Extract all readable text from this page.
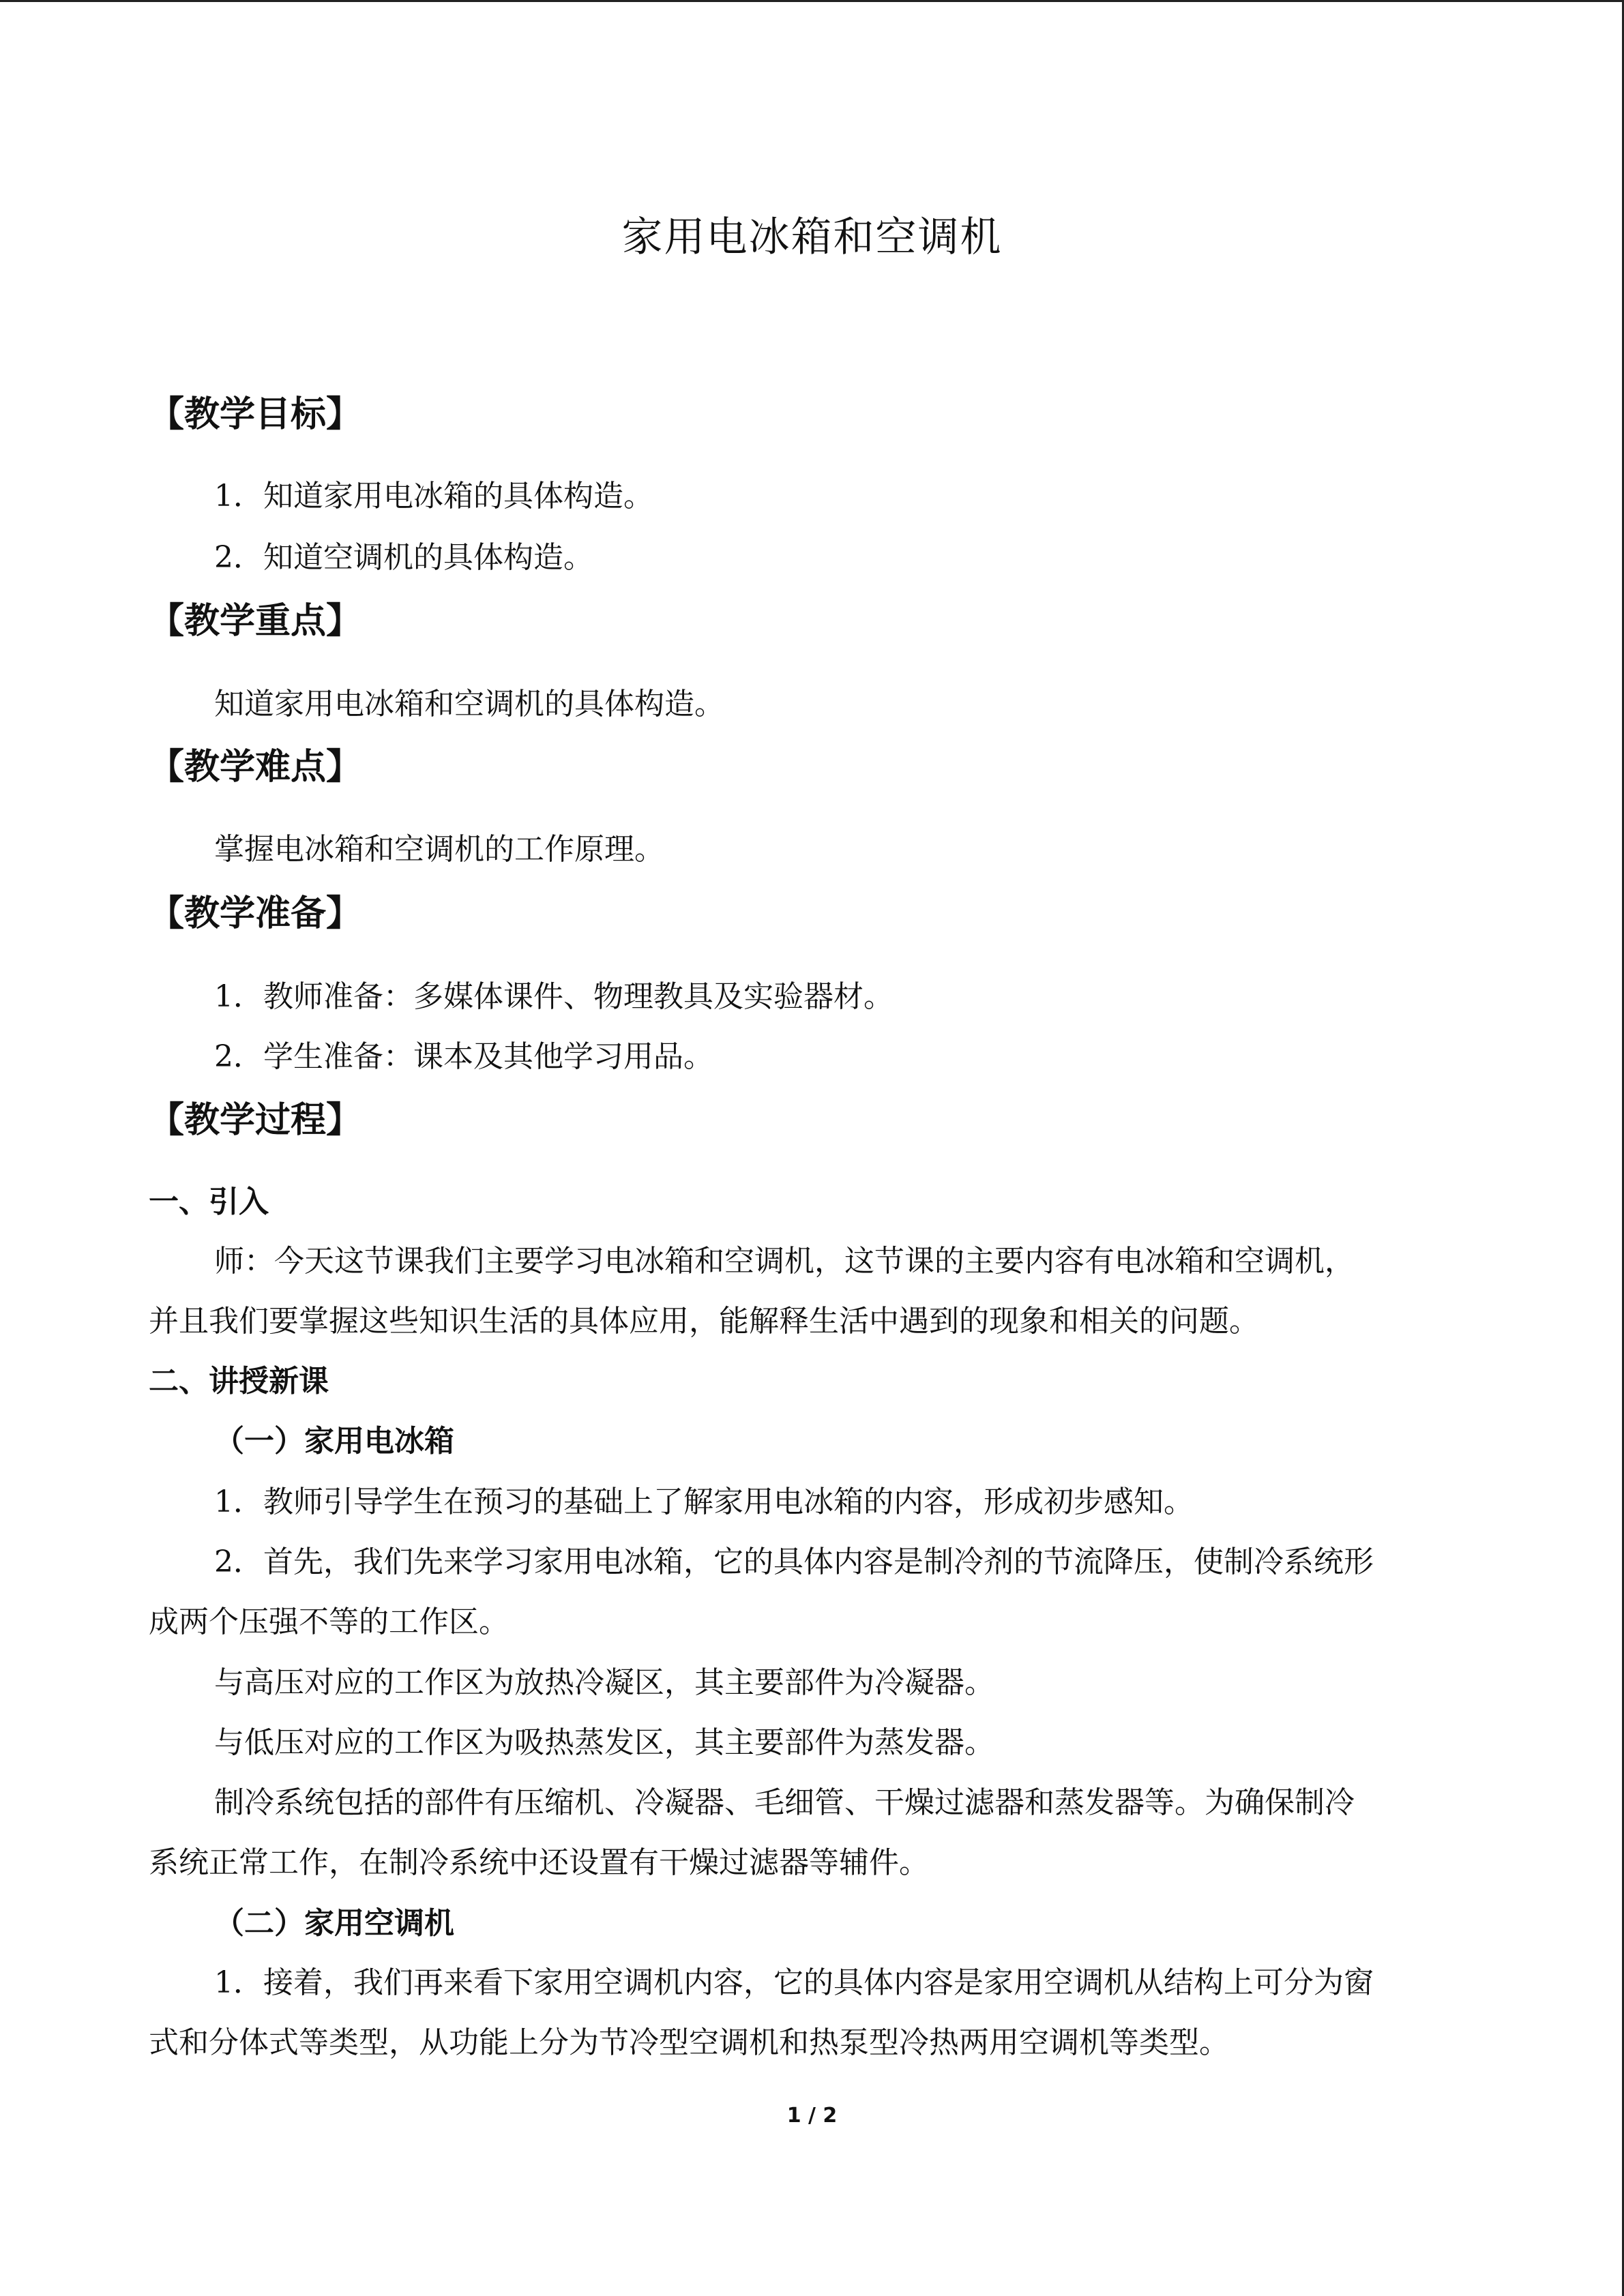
家用电冰箱和空调机
【教学目标】

1．知道家用电冰箱的具体构造。

2．知道空调机的具体构造。

【教学重点】

知道家用电冰箱和空调机的具体构造。

【教学难点】

掌握电冰箱和空调机的工作原理。

【教学准备】

1．教师准备：多媒体课件、物理教具及实验器材。

2．学生准备：课本及其他学习用品。

【教学过程】
一、引入

师：今天这节课我们主要学习电冰箱和空调机，这节课的主要内容有电冰箱和空调机，

并且我们要掌握这些知识生活的具体应用，能解释生活中遇到的现象和相关的问题。

二、讲授新课
（一）家用电冰箱

1．教师引导学生在预习的基础上了解家用电冰箱的内容，形成初步感知。

2．首先，我们先来学习家用电冰箱，它的具体内容是制冷剂的节流降压，使制冷系统形

成两个压强不等的工作区。

与高压对应的工作区为放热冷凝区，其主要部件为冷凝器。

与低压对应的工作区为吸热蒸发区，其主要部件为蒸发器。

制冷系统包括的部件有压缩机、冷凝器、毛细管、干燥过滤器和蒸发器等。为确保制冷

系统正常工作，在制冷系统中还设置有干燥过滤器等辅件。

（二）家用空调机

1．接着，我们再来看下家用空调机内容，它的具体内容是家用空调机从结构上可分为窗

式和分体式等类型，从功能上分为节冷型空调机和热泵型冷热两用空调机等类型。

1 / 2
